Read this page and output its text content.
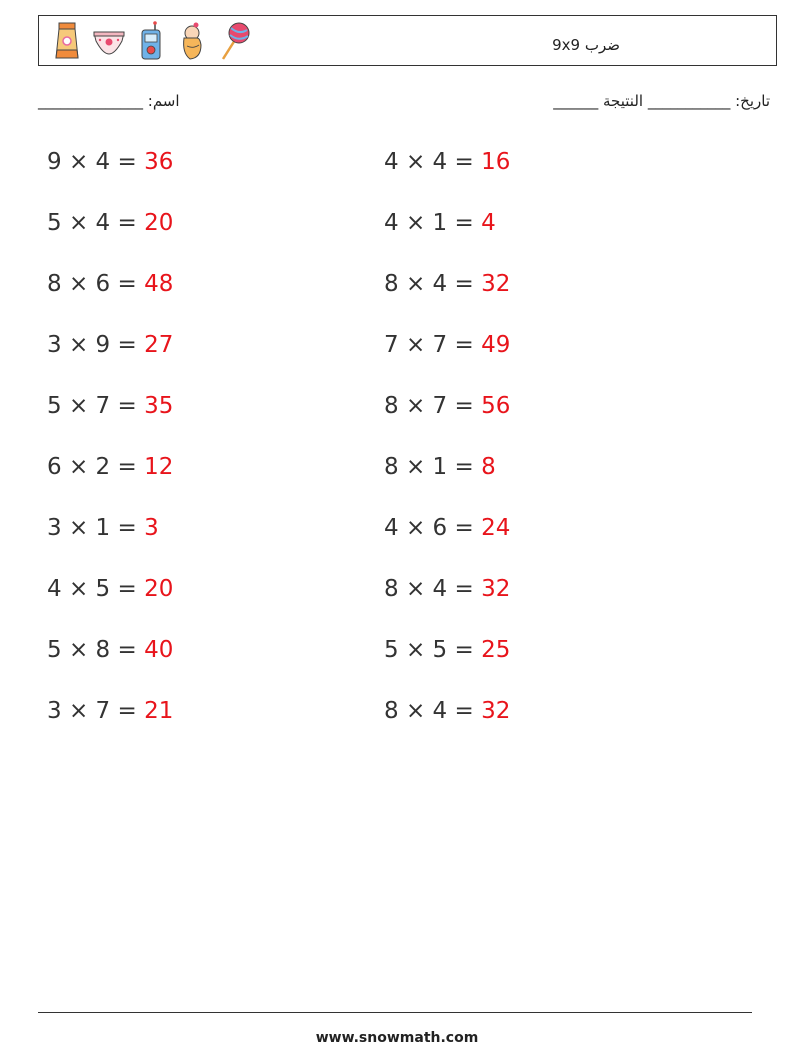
ضرب 9x9
اسم: ______________	تاريخ: ___________ النتيجة ______
9 × 4 = 36
5 × 4 = 20
8 × 6 = 48
3 × 9 = 27
5 × 7 = 35
6 × 2 = 12
3 × 1 = 3
4 × 5 = 20
5 × 8 = 40
3 × 7 = 21
4 × 4 = 16
4 × 1 = 4
8 × 4 = 32
7 × 7 = 49
8 × 7 = 56
8 × 1 = 8
4 × 6 = 24
8 × 4 = 32
5 × 5 = 25
8 × 4 = 32
www.snowmath.com
